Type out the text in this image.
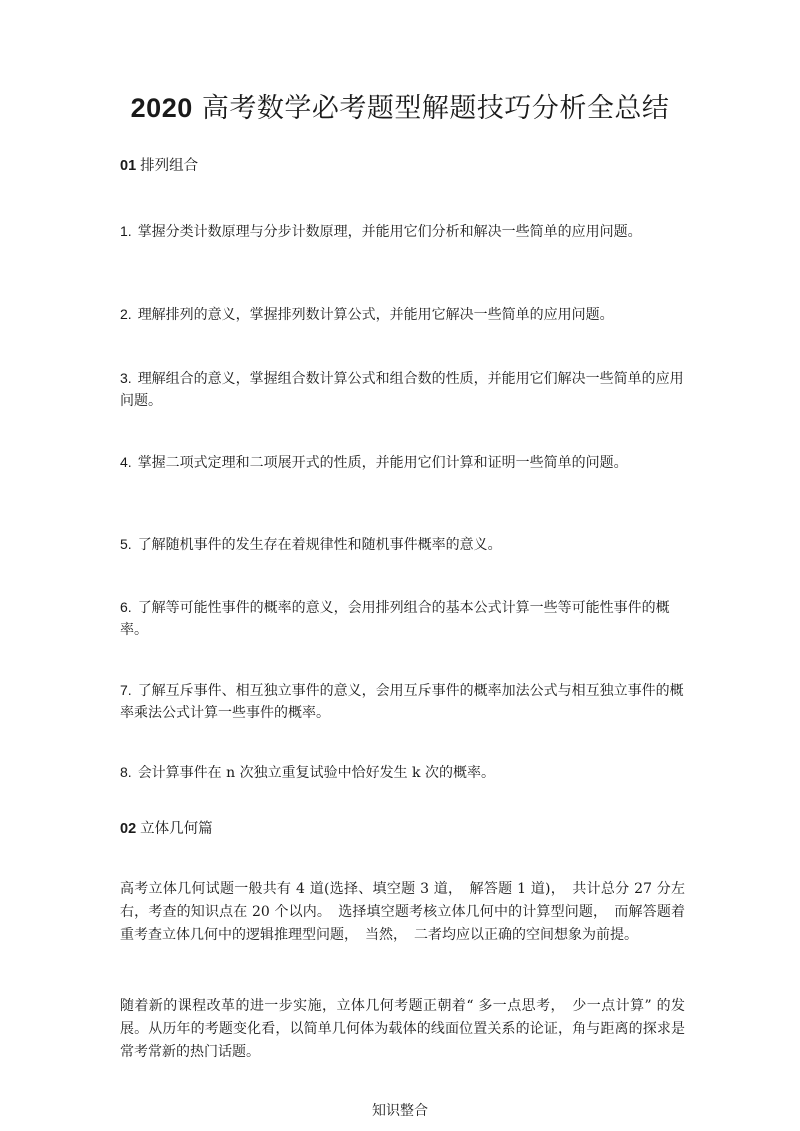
2020 高考数学必考题型解题技巧分析全总结
01 排列组合
1. 掌握分类计数原理与分步计数原理，并能用它们分析和解决一些简单的应用问题。
2. 理解排列的意义，掌握排列数计算公式，并能用它解决一些简单的应用问题。
3. 理解组合的意义，掌握组合数计算公式和组合数的性质，并能用它们解决一些简单的应用问题。
4. 掌握二项式定理和二项展开式的性质，并能用它们计算和证明一些简单的问题。
5. 了解随机事件的发生存在着规律性和随机事件概率的意义。
6. 了解等可能性事件的概率的意义，会用排列组合的基本公式计算一些等可能性事件的概率。
7. 了解互斥事件、相互独立事件的意义，会用互斥事件的概率加法公式与相互独立事件的概率乘法公式计算一些事件的概率。
8. 会计算事件在 n 次独立重复试验中恰好发生 k 次的概率。
02 立体几何篇
高考立体几何试题一般共有 4 道(选择、填空题 3 道，　解答题 1 道)，　共计总分 27 分左右，考查的知识点在 20 个以内。　选择填空题考核立体几何中的计算型问题，　而解答题着重考查立体几何中的逻辑推理型问题，　当然，　二者均应以正确的空间想象为前提。
随着新的课程改革的进一步实施，立体几何考题正朝着“ 多一点思考，　少一点计算” 的发展。从历年的考题变化看，以简单几何体为载体的线面位置关系的论证，角与距离的探求是常考常新的热门话题。
知识整合
